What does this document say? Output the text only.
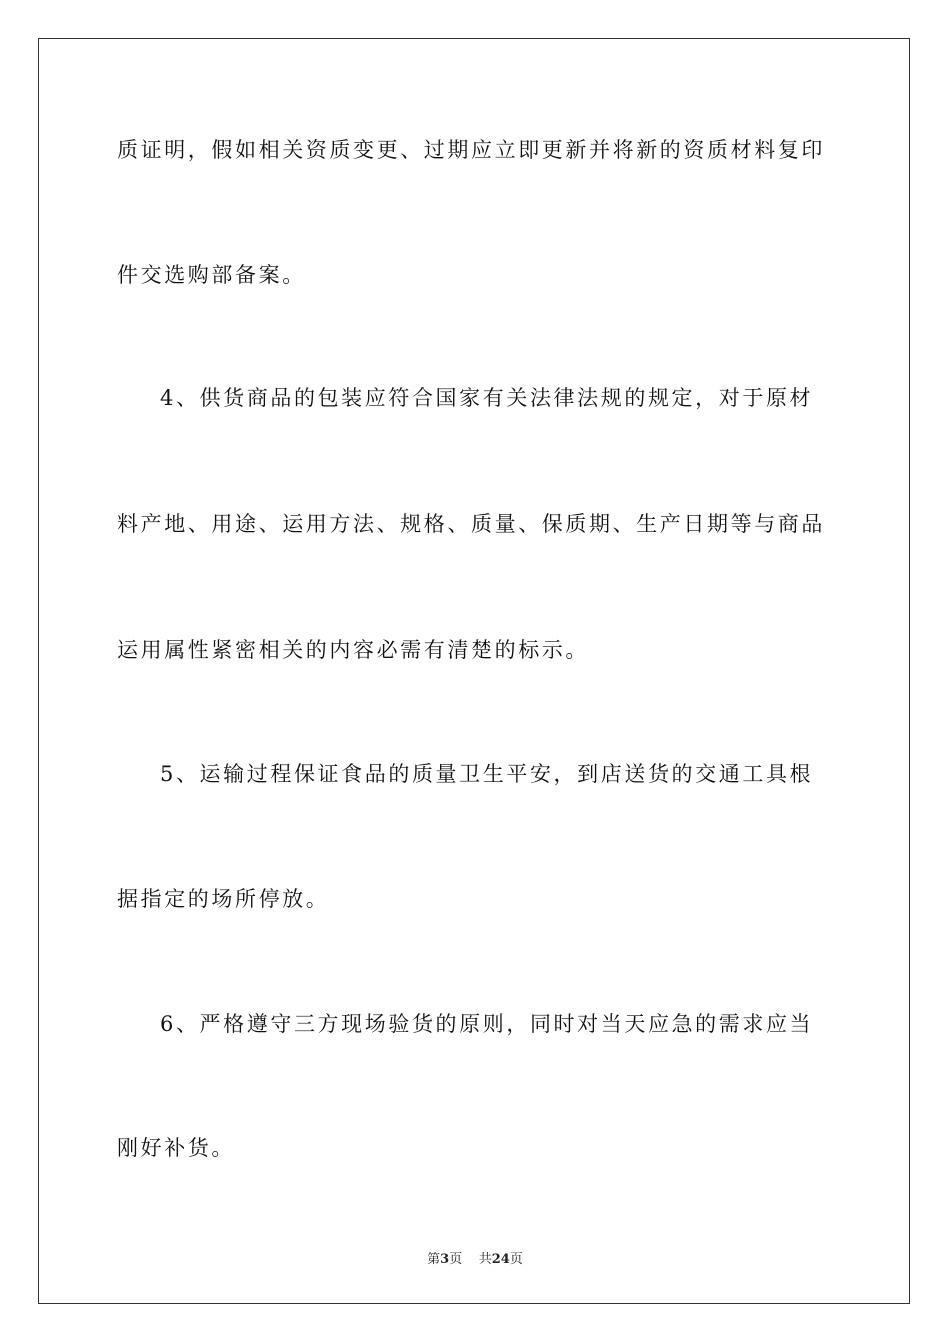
质证明，假如相关资质变更、过期应立即更新并将新的资质材料复印
件交选购部备案。
4、供货商品的包装应符合国家有关法律法规的规定，对于原材
料产地、用途、运用方法、规格、质量、保质期、生产日期等与商品
运用属性紧密相关的内容必需有清楚的标示。
5、运输过程保证食品的质量卫生平安，到店送货的交通工具根
据指定的场所停放。
6、严格遵守三方现场验货的原则，同时对当天应急的需求应当
刚好补货。
第3页 共24页
